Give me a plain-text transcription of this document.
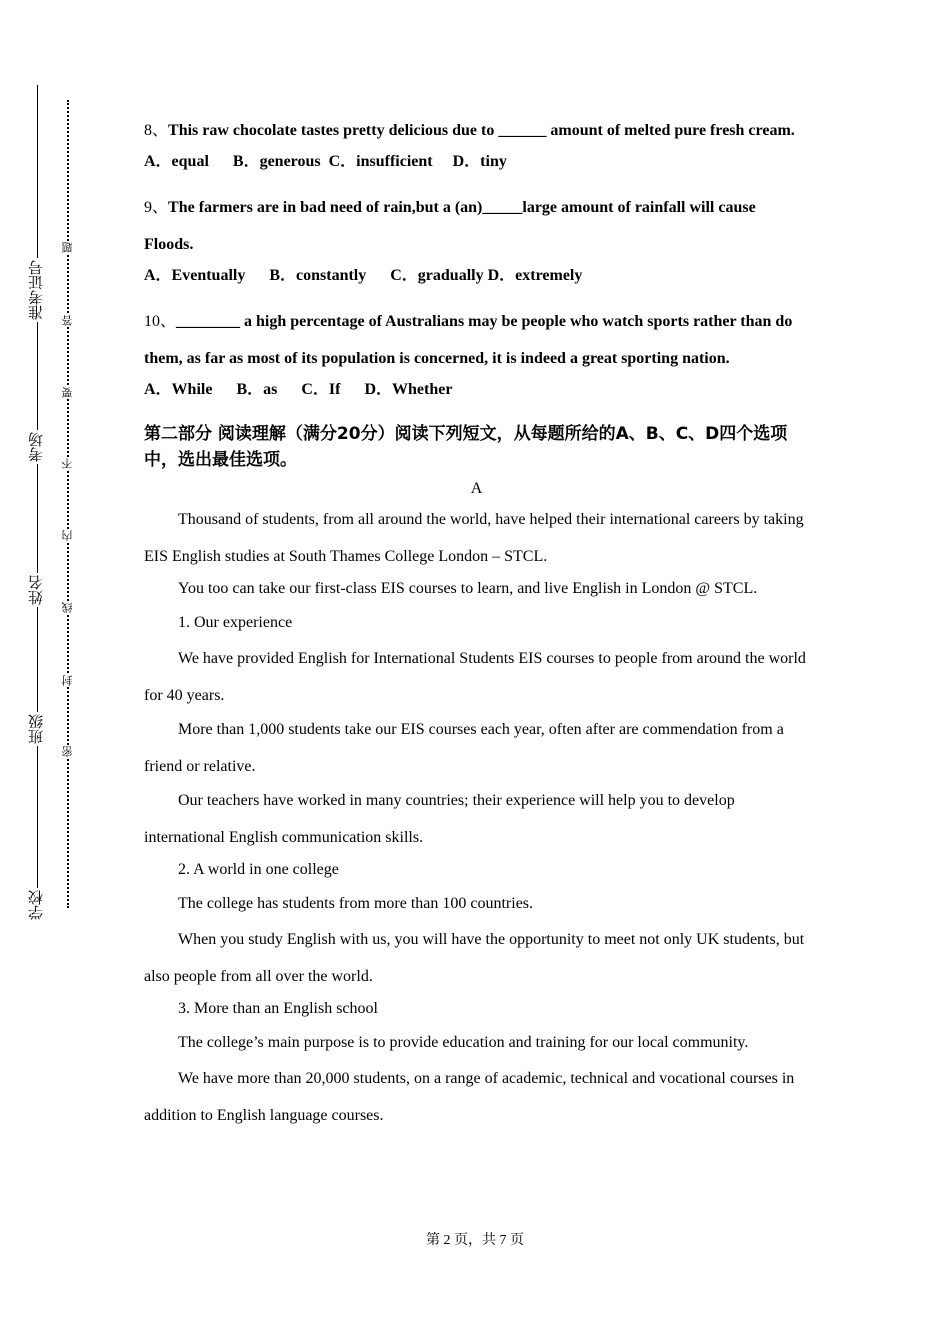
准考证号
考场
姓名
班级
学校
题
答
要
不
内
线
封
密

8、This raw chocolate tastes pretty delicious due to ______ amount of melted pure fresh cream.

A．equal      B．generous  C．insufficient     D．tiny

9、The farmers are in bad need of rain,but a (an)_____large amount of rainfall will cause Floods.

A．Eventually      B．constantly      C．gradually D．extremely

10、________ a high percentage of Australians may be people who watch sports rather than do them, as far as most of its population is concerned, it is indeed a great sporting nation.

A．While      B．as      C．If      D．Whether

第二部分 阅读理解（满分20分）阅读下列短文，从每题所给的A、B、C、D四个选项中，选出最佳选项。

A

Thousand of students, from all around the world, have helped their international careers by taking EIS English studies at South Thames College London – STCL.

You too can take our first-class EIS courses to learn, and live English in London @ STCL.

1. Our experience

We have provided English for International Students EIS courses to people from around the world for 40 years.

More than 1,000 students take our EIS courses each year, often after are commendation from a friend or relative.

Our teachers have worked in many countries; their experience will help you to develop international English communication skills.

2. A world in one college

The college has students from more than 100 countries.

When you study English with us, you will have the opportunity to meet not only UK students, but also people from all over the world.

3. More than an English school

The college’s main purpose is to provide education and training for our local community.

We have more than 20,000 students, on a range of academic, technical and vocational courses in addition to English language courses.

第 2 页，共 7 页
